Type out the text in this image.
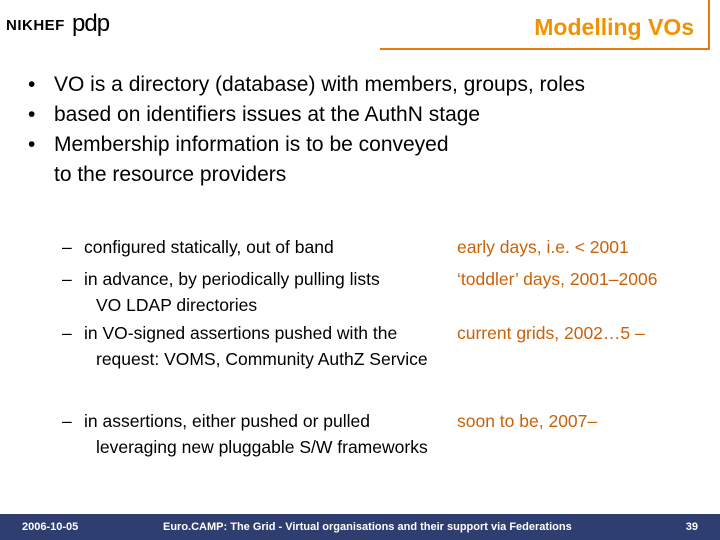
NIKHEF pdp	Modelling VOs
• VO is a directory (database) with members, groups, roles
• based on identifiers issues at the AuthN stage
• Membership information is to be conveyed
to the resource providers
– configured statically, out of band	early days, i.e. < 2001
– in advance, by periodically pulling lists	‘toddler’ days, 2001–2006
VO LDAP directories
– in VO-signed assertions pushed with the	current grids, 2002…5 –
request: VOMS, Community AuthZ Service
– in assertions, either pushed or pulled	soon to be, 2007–
leveraging new pluggable S/W frameworks
2006-10-05	Euro.CAMP: The Grid - Virtual organisations and their support via Federations	39
